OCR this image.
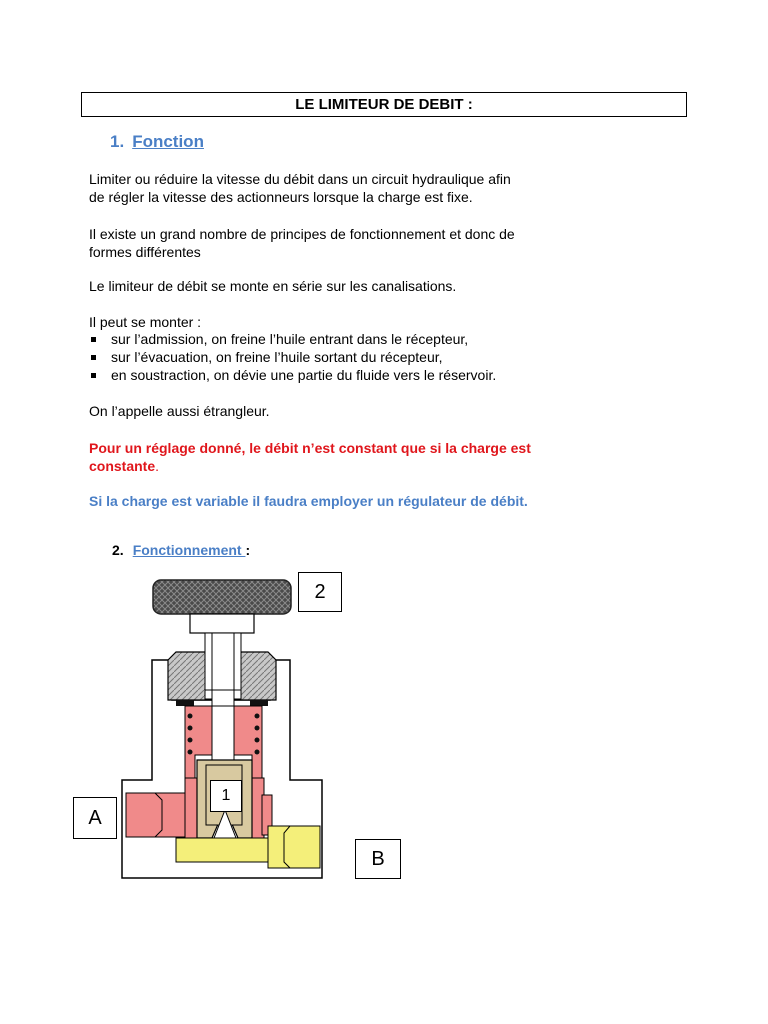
LE LIMITEUR DE DEBIT :
1. Fonction
Limiter ou réduire la vitesse du débit dans un circuit hydraulique afin
de régler la vitesse des actionneurs lorsque la charge est fixe.
Il existe un grand nombre de principes de fonctionnement et donc de
formes différentes
Le limiteur de débit se monte en série sur les canalisations.
Il peut se monter :
sur l’admission, on freine l’huile entrant dans le récepteur,
sur l’évacuation, on freine l’huile sortant du récepteur,
en soustraction, on dévie une partie du fluide vers le réservoir.
On l’appelle aussi étrangleur.
Pour un réglage donné, le débit n’est constant que si la charge est
constante.
Si la charge est variable il faudra employer un régulateur de débit.
2. Fonctionnement :
2
1
A
B
